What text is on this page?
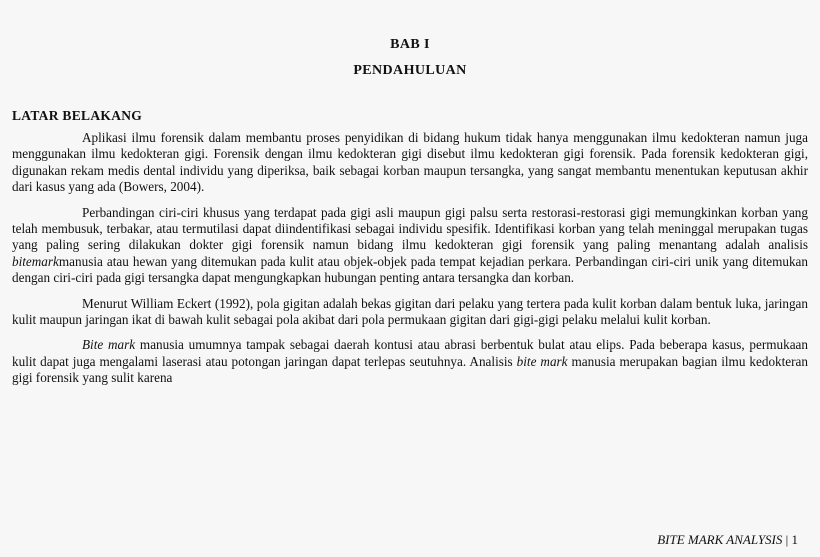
BAB I
PENDAHULUAN
LATAR BELAKANG

Aplikasi ilmu forensik dalam membantu proses penyidikan di bidang hukum tidak hanya menggunakan ilmu kedokteran namun juga menggunakan ilmu kedokteran gigi. Forensik dengan ilmu kedokteran gigi disebut ilmu kedokteran gigi forensik. Pada forensik kedokteran gigi, digunakan rekam medis dental individu yang diperiksa, baik sebagai korban maupun tersangka, yang sangat membantu menentukan keputusan akhir dari kasus yang ada (Bowers, 2004).

Perbandingan ciri-ciri khusus yang terdapat pada gigi asli maupun gigi palsu serta restorasi-restorasi gigi memungkinkan korban yang telah membusuk, terbakar, atau termutilasi dapat diindentifikasi sebagai individu spesifik. Identifikasi korban yang telah meninggal merupakan tugas yang paling sering dilakukan dokter gigi forensik namun bidang ilmu kedokteran gigi forensik yang paling menantang adalah analisis bitemarkmanusia atau hewan yang ditemukan pada kulit atau objek-objek pada tempat kejadian perkara. Perbandingan ciri-ciri unik yang ditemukan dengan ciri-ciri pada gigi tersangka dapat mengungkapkan hubungan penting antara tersangka dan korban.

Menurut William Eckert (1992), pola gigitan adalah bekas gigitan dari pelaku yang tertera pada kulit korban dalam bentuk luka, jaringan kulit maupun jaringan ikat di bawah kulit sebagai pola akibat dari pola permukaan gigitan dari gigi-gigi pelaku melalui kulit korban.

Bite mark manusia umumnya tampak sebagai daerah kontusi atau abrasi berbentuk bulat atau elips. Pada beberapa kasus, permukaan kulit dapat juga mengalami laserasi atau potongan jaringan dapat terlepas seutuhnya. Analisis bite mark manusia merupakan bagian ilmu kedokteran gigi forensik yang sulit karena

BITE MARK ANALYSIS | 1
